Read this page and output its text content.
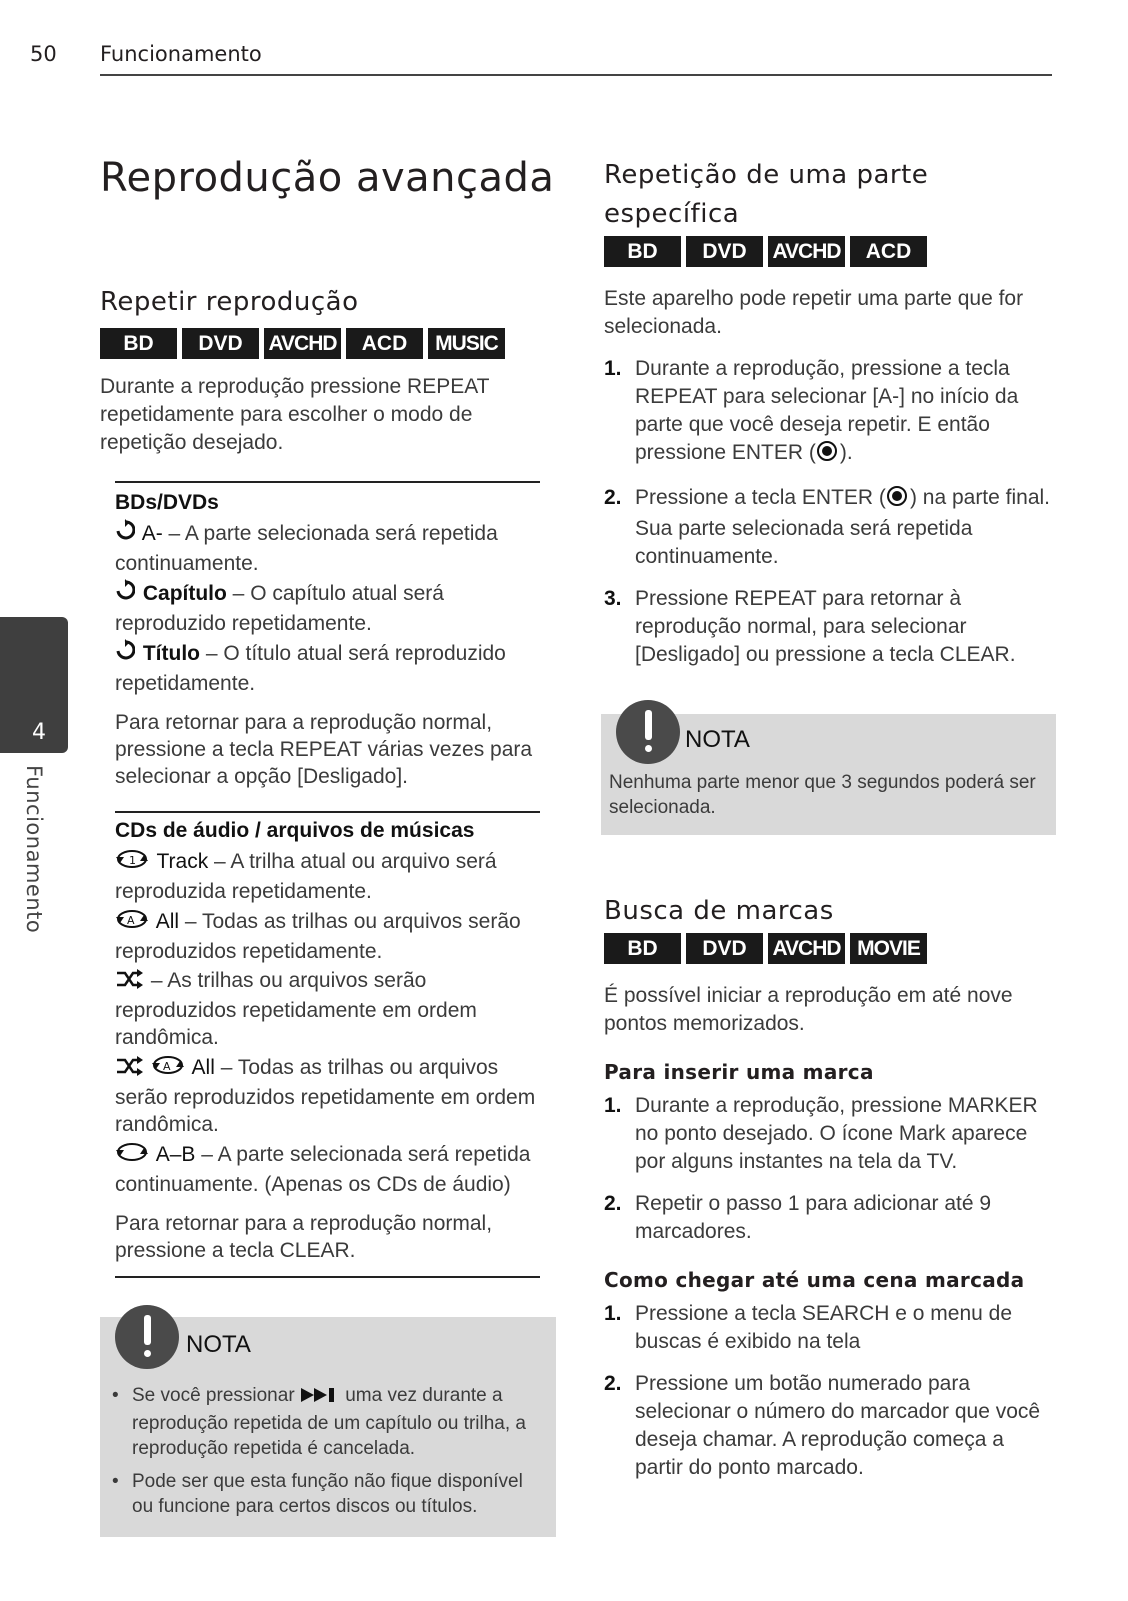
50 Funcionamento
4
Funcionamento
Reprodução avançada
Repetir reprodução
BD	DVD	AVCHD	ACD	MUSIC

Durante a reprodução pressione REPEAT repetidamente para escolher o modo de repetição desejado.

BDs/DVDs

A- – A parte selecionada será repetida continuamente.

Capítulo – O capítulo atual será reproduzido repetidamente.

Título – O título atual será reproduzido repetidamente.

Para retornar para a reprodução normal, pressione a tecla REPEAT várias vezes para selecionar a opção [Desligado].

CDs de áudio / arquivos de músicas

1 Track – A trilha atual ou arquivo será reproduzida repetidamente.

A All – Todas as trilhas ou arquivos serão reproduzidos repetidamente.

– As trilhas ou arquivos serão reproduzidos repetidamente em ordem randômica.

A All – Todas as trilhas ou arquivos serão reproduzidos repetidamente em ordem randômica.

A–B – A parte selecionada será repetida continuamente. (Apenas os CDs de áudio)

Para retornar para a reprodução normal, pressione a tecla CLEAR.

NOTA
• Se você pressionar  uma vez durante a reprodução repetida de um capítulo ou trilha, a reprodução repetida é cancelada.
• Pode ser que esta função não fique disponível ou funcione para certos discos ou títulos.
Repetição de uma parte
específica
BD	DVD	AVCHD	ACD

Este aparelho pode repetir uma parte que for selecionada.

1. Durante a reprodução, pressione a tecla REPEAT para selecionar [A-] no início da parte que você deseja repetir. E então pressione ENTER ( ).
2. Pressione a tecla ENTER ( ) na parte final. Sua parte selecionada será repetida continuamente.
3. Pressione REPEAT para retornar à reprodução normal, para selecionar [Desligado] ou pressione a tecla CLEAR.
NOTA
Nenhuma parte menor que 3 segundos poderá ser selecionada.
Busca de marcas
BD	DVD	AVCHD MOVIE

É possível iniciar a reprodução em até nove pontos memorizados.

Para inserir uma marca

1. Durante a reprodução, pressione MARKER no ponto desejado. O ícone Mark aparece por alguns instantes na tela da TV.
2. Repetir o passo 1 para adicionar até 9 marcadores.

Como chegar até uma cena marcada

1. Pressione a tecla SEARCH e o menu de buscas é exibido na tela
2. Pressione um botão numerado para selecionar o número do marcador que você deseja chamar. A reprodução começa a partir do ponto marcado.
